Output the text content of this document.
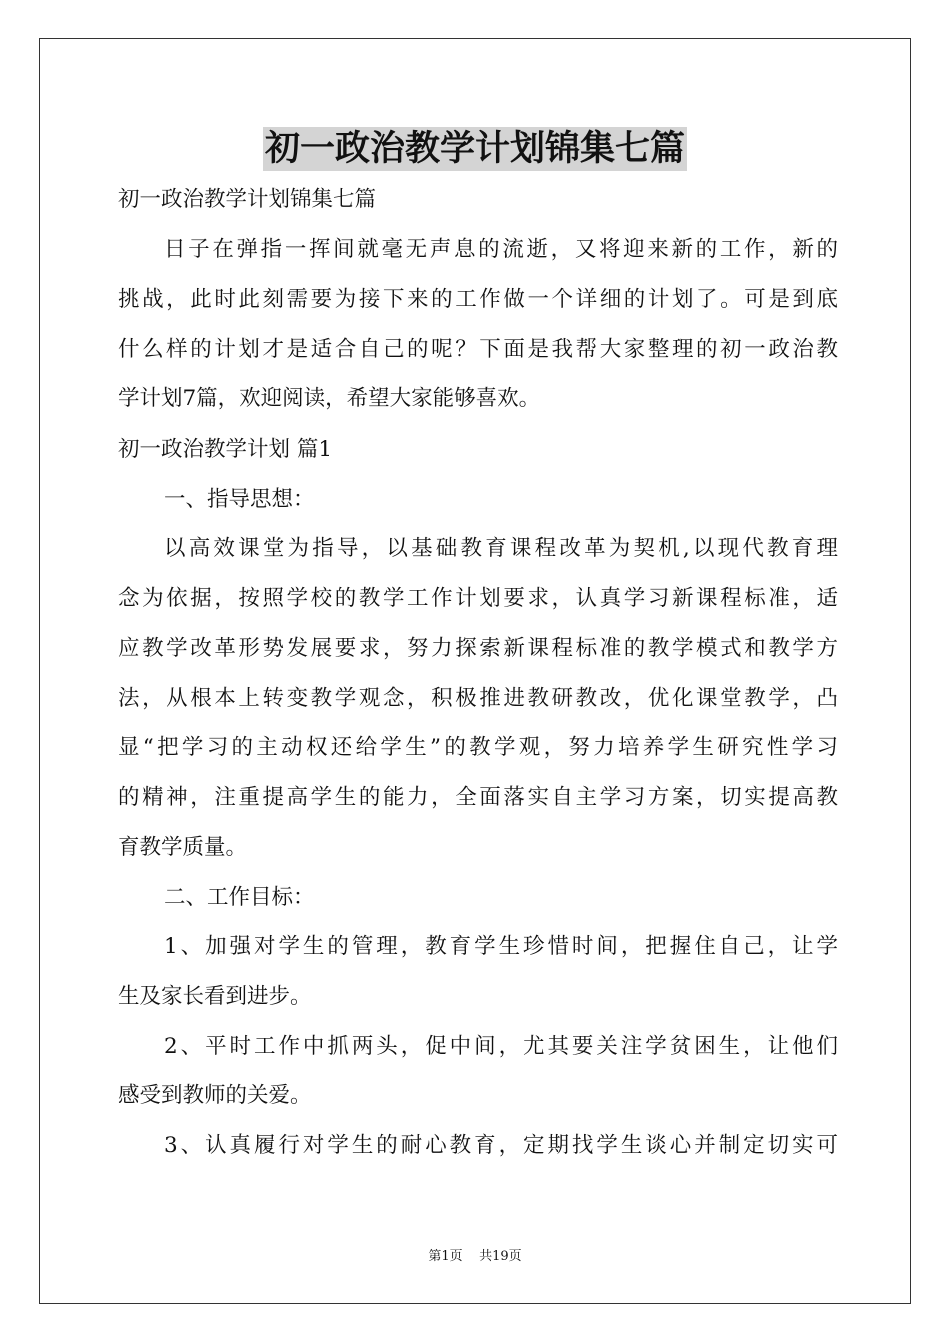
初一政治教学计划锦集七篇
初一政治教学计划锦集七篇
日子在弹指一挥间就毫无声息的流逝，又将迎来新的工作，新的
挑战，此时此刻需要为接下来的工作做一个详细的计划了。可是到底
什么样的计划才是适合自己的呢？下面是我帮大家整理的初一政治教
学计划7篇，欢迎阅读，希望大家能够喜欢。
初一政治教学计划 篇1
一、指导思想：
以高效课堂为指导，以基础教育课程改革为契机,以现代教育理
念为依据，按照学校的教学工作计划要求，认真学习新课程标准，适
应教学改革形势发展要求，努力探索新课程标准的教学模式和教学方
法，从根本上转变教学观念，积极推进教研教改，优化课堂教学，凸
显“把学习的主动权还给学生”的教学观，努力培养学生研究性学习
的精神，注重提高学生的能力，全面落实自主学习方案，切实提高教
育教学质量。
二、工作目标：
1、加强对学生的管理，教育学生珍惜时间，把握住自己，让学
生及家长看到进步。
2、平时工作中抓两头，促中间，尤其要关注学贫困生，让他们
感受到教师的关爱。
3、认真履行对学生的耐心教育，定期找学生谈心并制定切实可
第1页    共19页
